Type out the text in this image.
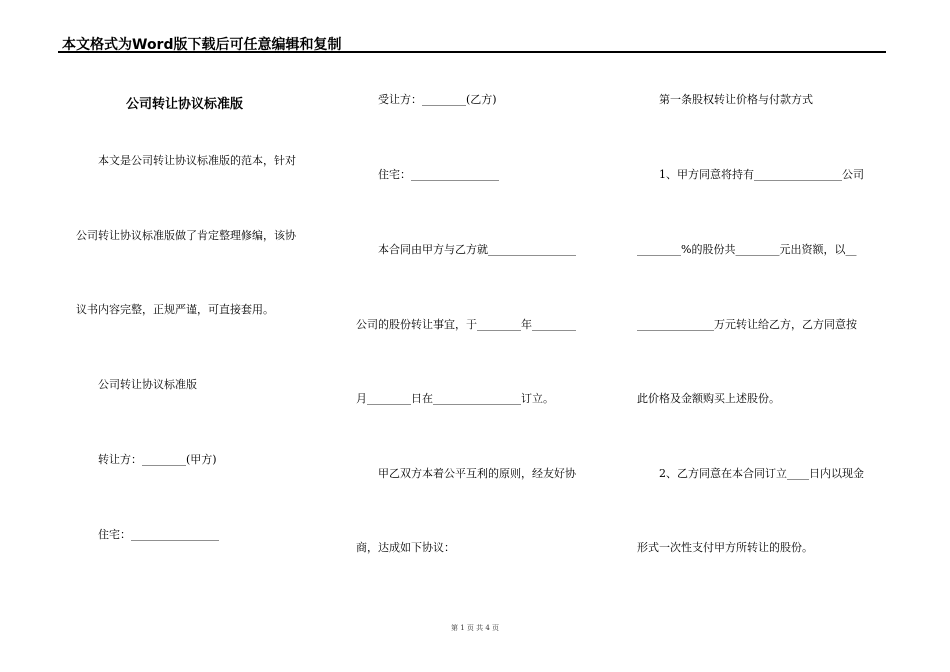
本文格式为Word版下载后可任意编辑和复制
公司转让协议标准版
　　本文是公司转让协议标准版的范本，针对
公司转让协议标准版做了肯定整理修编，该协
议书内容完整，正规严谨，可直接套用。
　　公司转让协议标准版
　　转让方：________(甲方)
　　住宅：________________
　　受让方：________(乙方)
　　住宅：________________
　　本合同由甲方与乙方就________________
公司的股份转让事宜，于________年________
月________日在________________订立。
　　甲乙双方本着公平互利的原则，经友好协
商，达成如下协议：
　　第一条股权转让价格与付款方式
　　1、甲方同意将持有________________公司
________%的股份共________元出资额，以__
______________万元转让给乙方，乙方同意按
此价格及金额购买上述股份。
　　2、乙方同意在本合同订立____日内以现金
形式一次性支付甲方所转让的股份。
第 1 页 共 4 页
